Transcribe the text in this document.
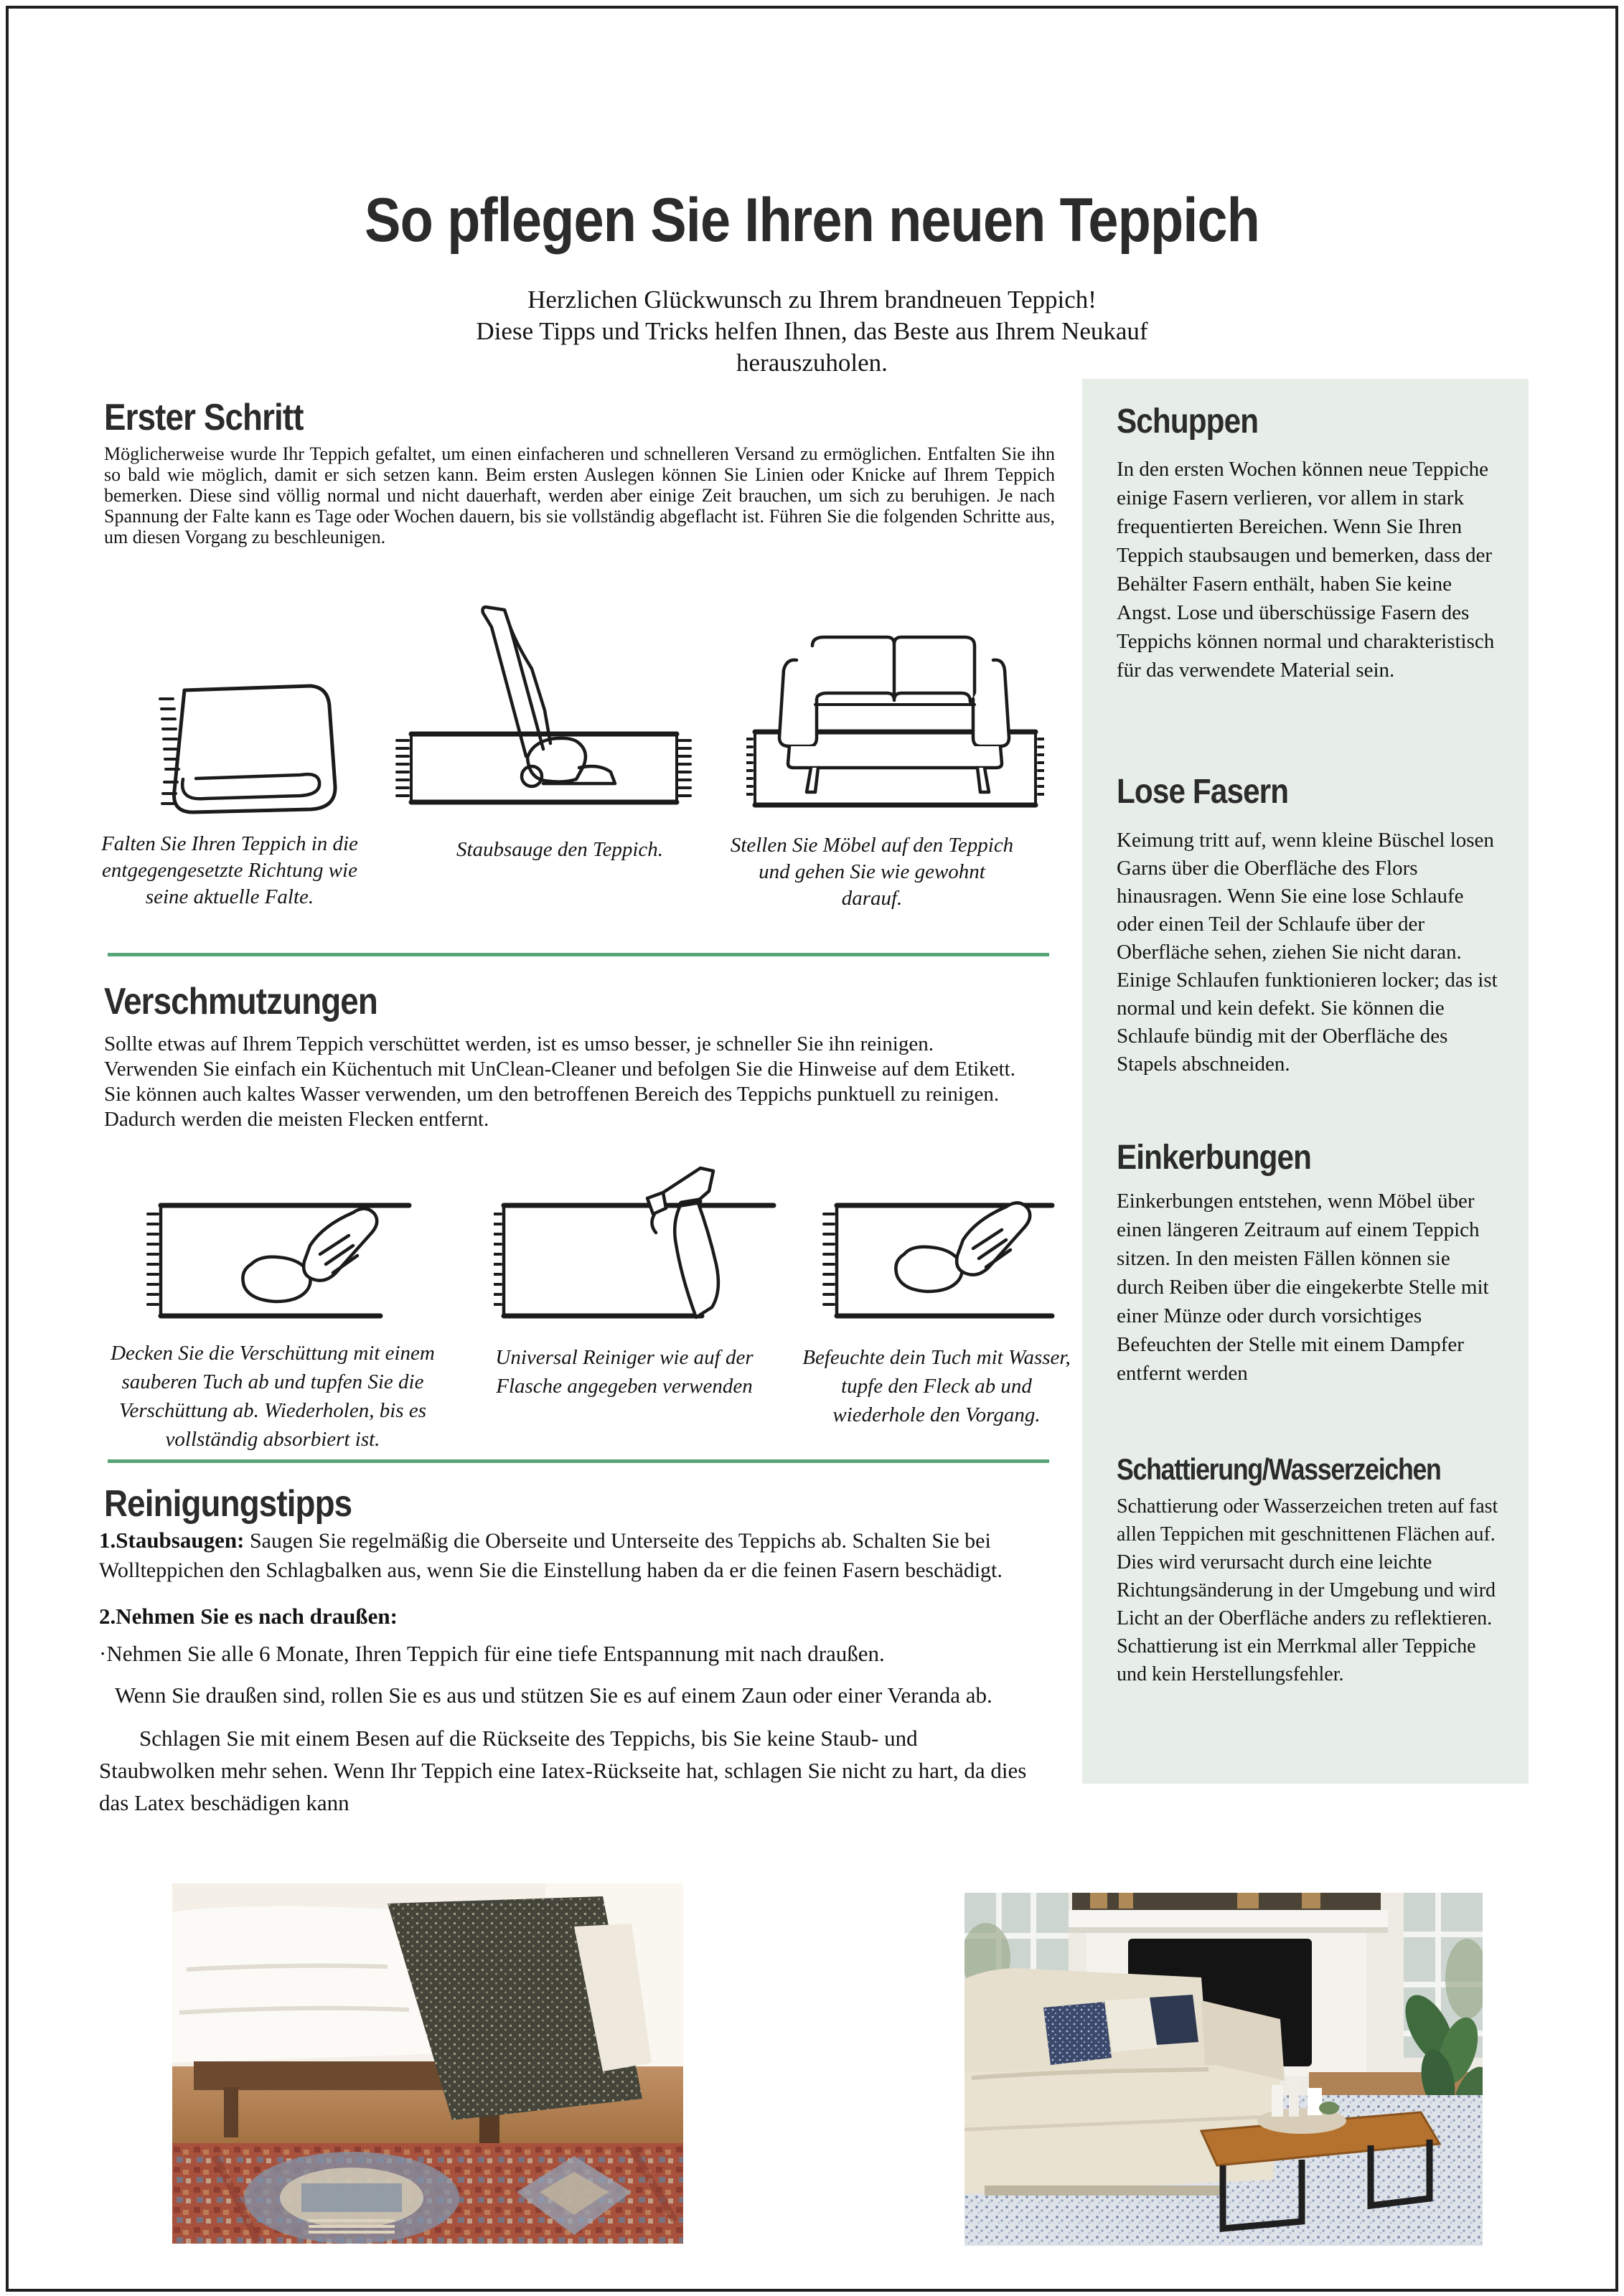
So pflegen Sie Ihren neuen Teppich
Herzlichen Glückwunsch zu Ihrem brandneuen Teppich!
Diese Tipps und Tricks helfen Ihnen, das Beste aus Ihrem Neukauf
herauszuholen.
Erster Schritt
Möglicherweise wurde Ihr Teppich gefaltet, um einen einfacheren und schnelleren Versand zu ermöglichen. Entfalten Sie ihn so bald wie möglich, damit er sich setzen kann. Beim ersten Auslegen können Sie Linien oder Knicke auf Ihrem Teppich bemerken. Diese sind völlig normal und nicht dauerhaft, werden aber einige Zeit brauchen, um sich zu beruhigen. Je nach Spannung der Falte kann es Tage oder Wochen dauern, bis sie vollständig abgeflacht ist. Führen Sie die folgenden Schritte aus, um diesen Vorgang zu beschleunigen.
Falten Sie Ihren Teppich in die entgegengesetzte Richtung wie seine aktuelle Falte.
Staubsauge den Teppich.	Stellen Sie Möbel auf den Teppich und gehen Sie wie gewohnt darauf.
Verschmutzungen
Sollte etwas auf Ihrem Teppich verschüttet werden, ist es umso besser, je schneller Sie ihn reinigen. Verwenden Sie einfach ein Küchentuch mit UnClean-Cleaner und befolgen Sie die Hinweise auf dem Etikett. Sie können auch kaltes Wasser verwenden, um den betroffenen Bereich des Teppichs punktuell zu reinigen. Dadurch werden die meisten Flecken entfernt.
Decken Sie die Verschüttung mit einem sauberen Tuch ab und tupfen Sie die Verschüttung ab. Wiederholen, bis es vollständig absorbiert ist.
Universal Reiniger wie auf der Flasche angegeben verwenden
Befeuchte dein Tuch mit Wasser, tupfe den Fleck ab und wiederhole den Vorgang.
Reinigungstipps

1.Staubsaugen: Saugen Sie regelmäßig die Oberseite und Unterseite des Teppichs ab. Schalten Sie bei Wollteppichen den Schlagbalken aus, wenn Sie die Einstellung haben da er die feinen Fasern beschädigt.

2.Nehmen Sie es nach draußen:

·Nehmen Sie alle 6 Monate, Ihren Teppich für eine tiefe Entspannung mit nach draußen.

Wenn Sie draußen sind, rollen Sie es aus und stützen Sie es auf einem Zaun oder einer Veranda ab.

Schlagen Sie mit einem Besen auf die Rückseite des Teppichs, bis Sie keine Staub- und Staubwolken mehr sehen. Wenn Ihr Teppich eine Iatex-Rückseite hat, schlagen Sie nicht zu hart, da dies das Latex beschädigen kann

Schuppen
In den ersten Wochen können neue Teppiche einige Fasern verlieren, vor allem in stark frequentierten Bereichen. Wenn Sie Ihren Teppich staubsaugen und bemerken, dass der Behälter Fasern enthält, haben Sie keine Angst. Lose und überschüssige Fasern des Teppichs können normal und charakteristisch für das verwendete Material sein.
Lose Fasern
Keimung tritt auf, wenn kleine Büschel losen Garns über die Oberfläche des Flors hinausragen. Wenn Sie eine lose Schlaufe oder einen Teil der Schlaufe über der Oberfläche sehen, ziehen Sie nicht daran. Einige Schlaufen funktionieren locker; das ist normal und kein defekt. Sie können die Schlaufe bündig mit der Oberfläche des Stapels abschneiden.
Einkerbungen
Einkerbungen entstehen, wenn Möbel über einen längeren Zeitraum auf einem Teppich sitzen. In den meisten Fällen können sie durch Reiben über die eingekerbte Stelle mit einer Münze oder durch vorsichtiges Befeuchten der Stelle mit einem Dampfer entfernt werden
Schattierung/Wasserzeichen
Schattierung oder Wasserzeichen treten auf fast allen Teppichen mit geschnittenen Flächen auf. Dies wird verursacht durch eine leichte Richtungsänderung in der Umgebung und wird Licht an der Oberfläche anders zu reflektieren. Schattierung ist ein Merrkmal aller Teppiche und kein Herstellungsfehler.
